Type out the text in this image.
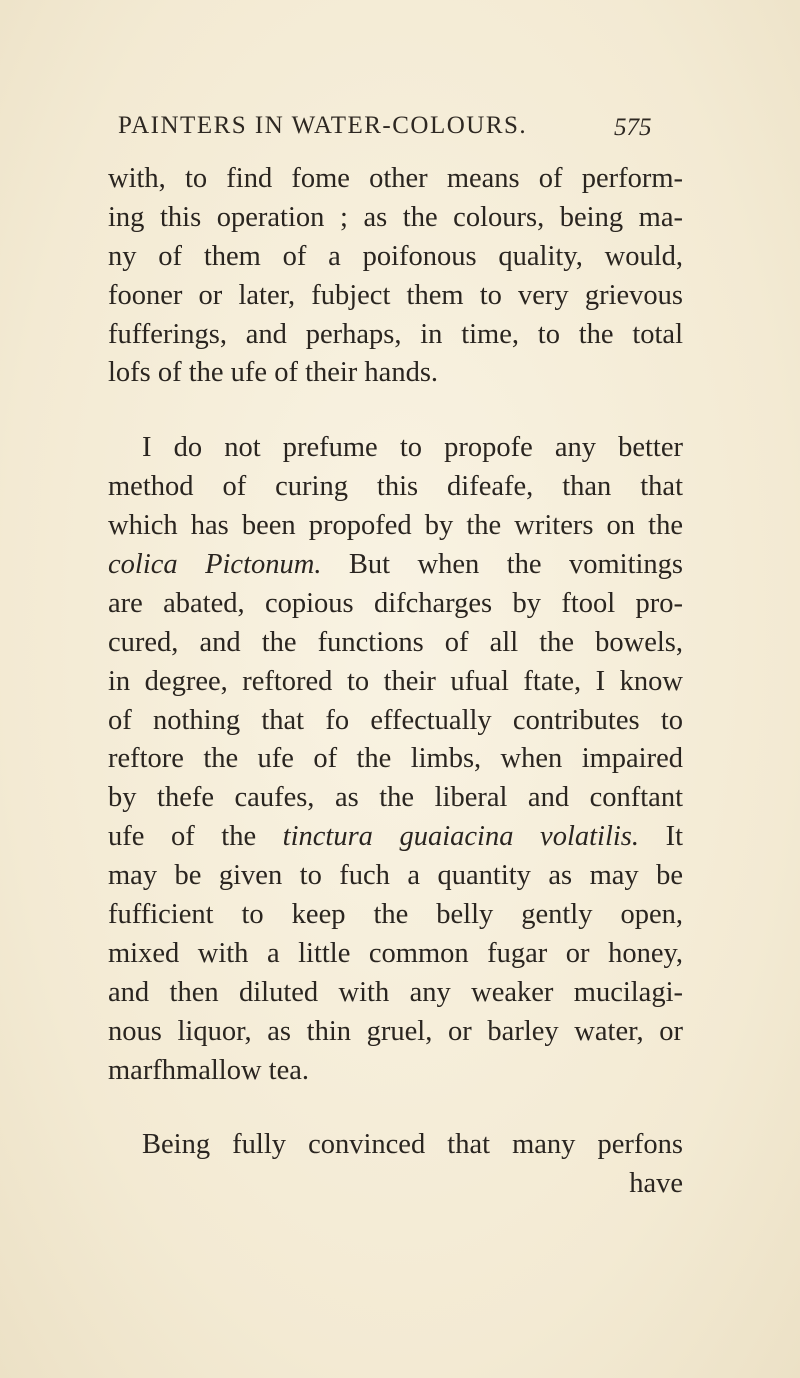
PAINTERS IN WATER-COLOURS.	575
with, to find fome other means of perform-
ing this operation ; as the colours, being ma-
ny of them of a poifonous quality, would,
fooner or later, fubject them to very grievous
fufferings, and perhaps, in time, to the total
lofs of the ufe of their hands.
I do not prefume to propofe any better
method of curing this difeafe, than that
which has been propofed by the writers on the
colica Pictonum. But when the vomitings
are abated, copious difcharges by ftool pro-
cured, and the functions of all the bowels,
in degree, reftored to their ufual ftate, I know
of nothing that fo effectually contributes to
reftore the ufe of the limbs, when impaired
by thefe caufes, as the liberal and conftant
ufe of the tinctura guaiacina volatilis. It
may be given to fuch a quantity as may be
fufficient to keep the belly gently open,
mixed with a little common fugar or honey,
and then diluted with any weaker mucilagi-
nous liquor, as thin gruel, or barley water, or
marfhmallow tea.
Being fully convinced that many perfons
have
